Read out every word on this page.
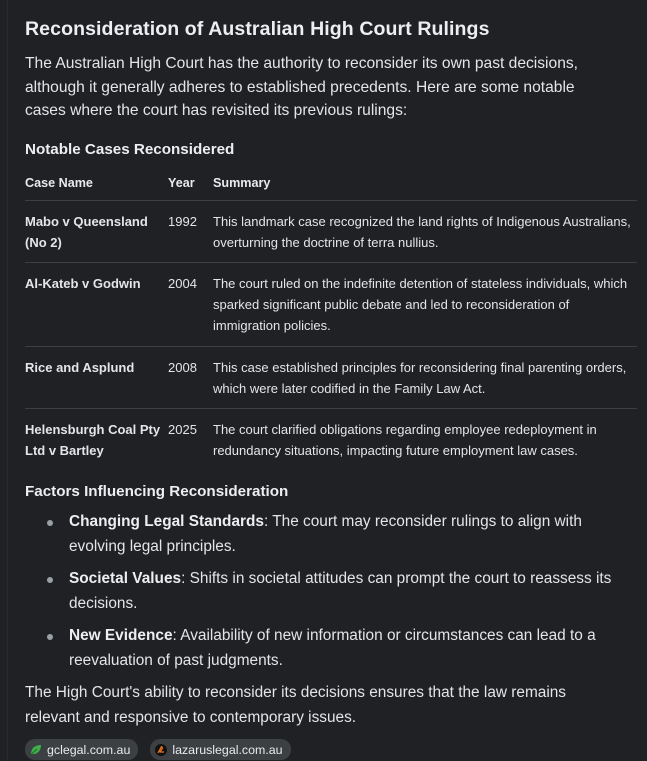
Reconsideration of Australian High Court Rulings

The Australian High Court has the authority to reconsider its own past decisions, although it generally adheres to established precedents. Here are some notable cases where the court has revisited its previous rulings:

Notable Cases Reconsidered
Case Name	Year	Summary
Mabo v Queensland (No 2)	1992	This landmark case recognized the land rights of Indigenous Australians, overturning the doctrine of terra nullius.
Al-Kateb v Godwin	2004	The court ruled on the indefinite detention of stateless individuals, which sparked significant public debate and led to reconsideration of immigration policies.
Rice and Asplund	2008	This case established principles for reconsidering final parenting orders, which were later codified in the Family Law Act.
Helensburgh Coal Pty Ltd v Bartley	2025	The court clarified obligations regarding employee redeployment in redundancy situations, impacting future employment law cases.
Factors Influencing Reconsideration
Changing Legal Standards: The court may reconsider rulings to align with evolving legal principles.
Societal Values: Shifts in societal attitudes can prompt the court to reassess its decisions.
New Evidence: Availability of new information or circumstances can lead to a reevaluation of past judgments.

The High Court's ability to reconsider its decisions ensures that the law remains relevant and responsive to contemporary issues.

gclegal.com.au	lazaruslegal.com.au
